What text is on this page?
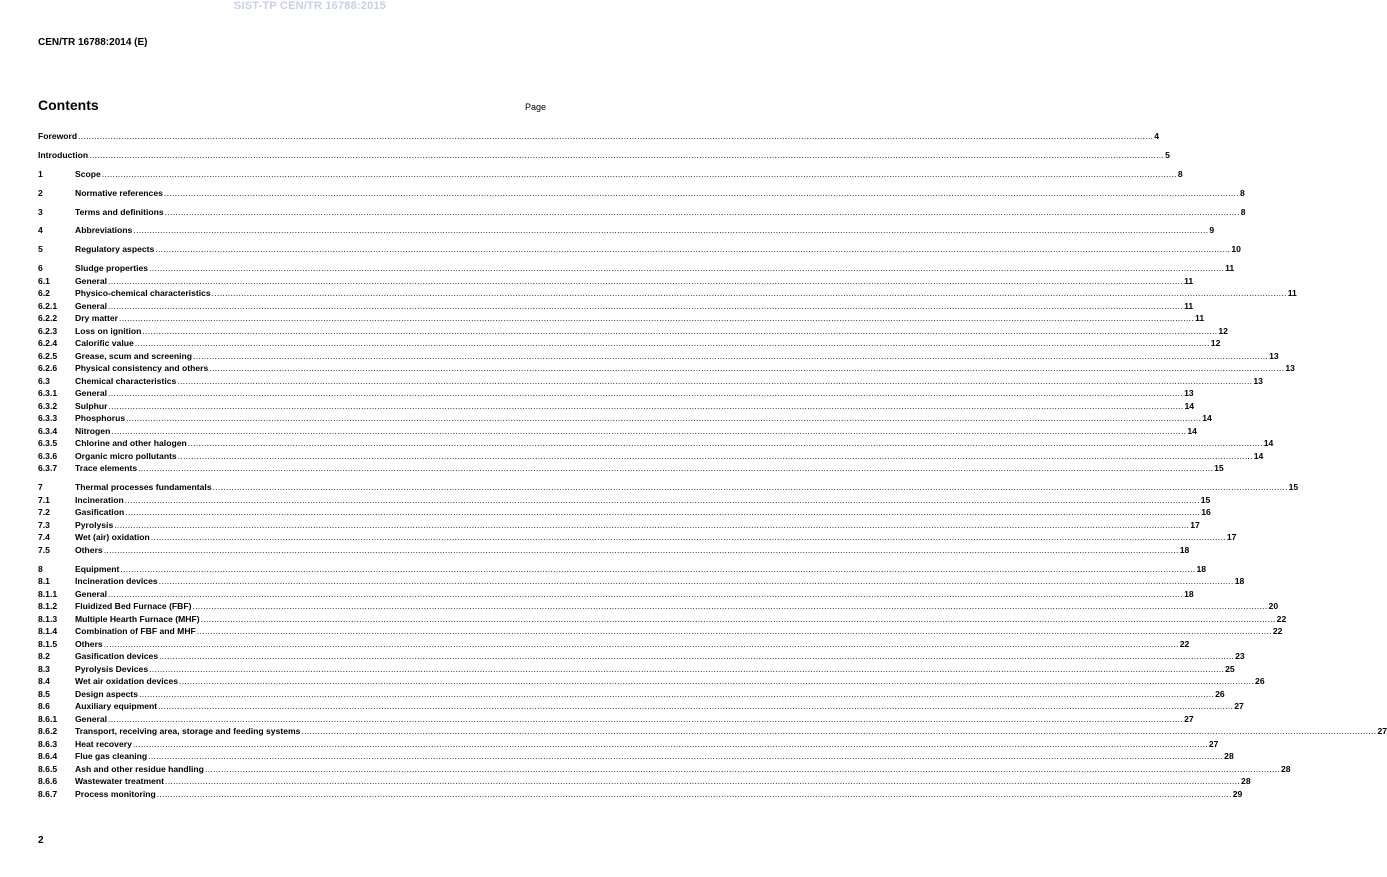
SIST-TP CEN/TR 16788:2015
CEN/TR 16788:2014 (E)
Contents	Page
Foreword ................................................................................................................................................................................................................................................................................................................................................................................................................ 4
Introduction ................................................................................................................................................................................................................................................................................................................................................................................................................ 5
1	Scope ................................................................................................................................................................................................................................................................................................................................................................................................................ 8
2	Normative references ................................................................................................................................................................................................................................................................................................................................................................................................................ 8
3	Terms and definitions ................................................................................................................................................................................................................................................................................................................................................................................................................ 8
4	Abbreviations ................................................................................................................................................................................................................................................................................................................................................................................................................ 9
5	Regulatory aspects ................................................................................................................................................................................................................................................................................................................................................................................................................ 10
6	Sludge properties ................................................................................................................................................................................................................................................................................................................................................................................................................ 11
6.1	General ................................................................................................................................................................................................................................................................................................................................................................................................................ 11
6.2	Physico-chemical characteristics ................................................................................................................................................................................................................................................................................................................................................................................................................ 11
6.2.1	General ................................................................................................................................................................................................................................................................................................................................................................................................................ 11
6.2.2	Dry matter ................................................................................................................................................................................................................................................................................................................................................................................................................ 11
6.2.3	Loss on ignition ................................................................................................................................................................................................................................................................................................................................................................................................................ 12
6.2.4	Calorific value ................................................................................................................................................................................................................................................................................................................................................................................................................ 12
6.2.5	Grease, scum and screening ................................................................................................................................................................................................................................................................................................................................................................................................................ 13
6.2.6	Physical consistency and others ................................................................................................................................................................................................................................................................................................................................................................................................................ 13
6.3	Chemical characteristics ................................................................................................................................................................................................................................................................................................................................................................................................................ 13
6.3.1	General ................................................................................................................................................................................................................................................................................................................................................................................................................ 13
6.3.2	Sulphur ................................................................................................................................................................................................................................................................................................................................................................................................................ 14
6.3.3	Phosphorus ................................................................................................................................................................................................................................................................................................................................................................................................................ 14
6.3.4	Nitrogen ................................................................................................................................................................................................................................................................................................................................................................................................................ 14
6.3.5	Chlorine and other halogen ................................................................................................................................................................................................................................................................................................................................................................................................................ 14
6.3.6	Organic micro pollutants ................................................................................................................................................................................................................................................................................................................................................................................................................ 14
6.3.7	Trace elements ................................................................................................................................................................................................................................................................................................................................................................................................................ 15
7	Thermal processes fundamentals ................................................................................................................................................................................................................................................................................................................................................................................................................ 15
7.1	Incineration ................................................................................................................................................................................................................................................................................................................................................................................................................ 15
7.2	Gasification ................................................................................................................................................................................................................................................................................................................................................................................................................ 16
7.3	Pyrolysis ................................................................................................................................................................................................................................................................................................................................................................................................................ 17
7.4	Wet (air) oxidation ................................................................................................................................................................................................................................................................................................................................................................................................................ 17
7.5	Others ................................................................................................................................................................................................................................................................................................................................................................................................................ 18
8	Equipment ................................................................................................................................................................................................................................................................................................................................................................................................................ 18
8.1	Incineration devices ................................................................................................................................................................................................................................................................................................................................................................................................................ 18
8.1.1	General ................................................................................................................................................................................................................................................................................................................................................................................................................ 18
8.1.2	Fluidized Bed Furnace (FBF) ................................................................................................................................................................................................................................................................................................................................................................................................................ 20
8.1.3	Multiple Hearth Furnace (MHF) ................................................................................................................................................................................................................................................................................................................................................................................................................ 22
8.1.4	Combination of FBF and MHF ................................................................................................................................................................................................................................................................................................................................................................................................................ 22
8.1.5	Others ................................................................................................................................................................................................................................................................................................................................................................................................................ 22
8.2	Gasification devices ................................................................................................................................................................................................................................................................................................................................................................................................................ 23
8.3	Pyrolysis Devices ................................................................................................................................................................................................................................................................................................................................................................................................................ 25
8.4	Wet air oxidation devices ................................................................................................................................................................................................................................................................................................................................................................................................................ 26
8.5	Design aspects ................................................................................................................................................................................................................................................................................................................................................................................................................ 26
8.6	Auxiliary equipment ................................................................................................................................................................................................................................................................................................................................................................................................................ 27
8.6.1	General ................................................................................................................................................................................................................................................................................................................................................................................................................ 27
8.6.2	Transport, receiving area, storage and feeding systems ................................................................................................................................................................................................................................................................................................................................................................................................................ 27
8.6.3	Heat recovery ................................................................................................................................................................................................................................................................................................................................................................................................................ 27
8.6.4	Flue gas cleaning ................................................................................................................................................................................................................................................................................................................................................................................................................ 28
8.6.5	Ash and other residue handling ................................................................................................................................................................................................................................................................................................................................................................................................................ 28
8.6.6	Wastewater treatment ................................................................................................................................................................................................................................................................................................................................................................................................................ 28
8.6.7	Process monitoring ................................................................................................................................................................................................................................................................................................................................................................................................................ 29
2
